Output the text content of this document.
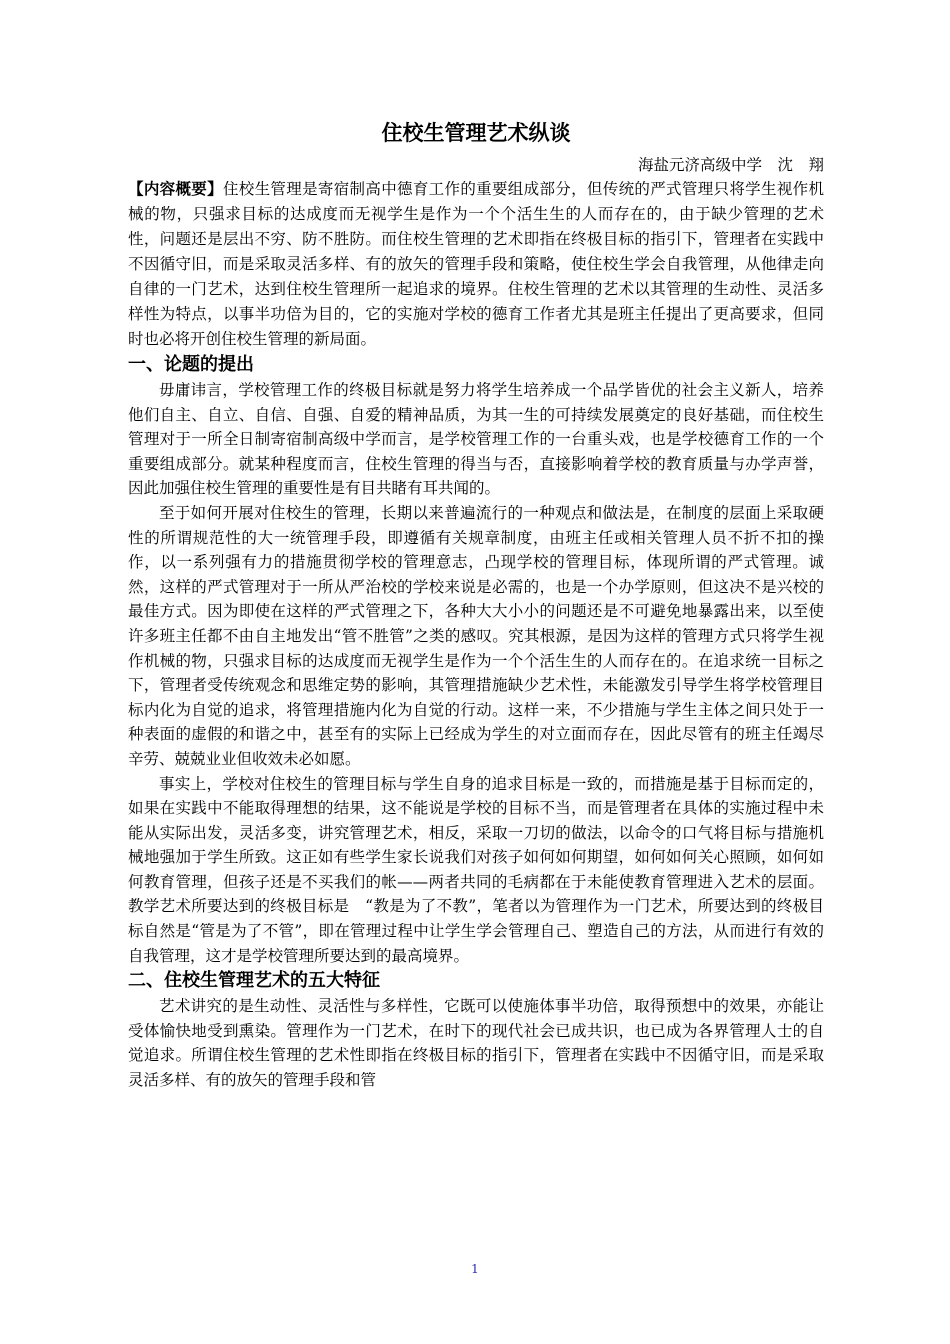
住校生管理艺术纵谈

海盐元济高级中学　沈　翔

【内容概要】住校生管理是寄宿制高中德育工作的重要组成部分，但传统的严式管理只将学生视作机械的物，只强求目标的达成度而无视学生是作为一个个活生生的人而存在的，由于缺少管理的艺术性，问题还是层出不穷、防不胜防。而住校生管理的艺术即指在终极目标的指引下，管理者在实践中不因循守旧，而是采取灵活多样、有的放矢的管理手段和策略，使住校生学会自我管理，从他律走向自律的一门艺术，达到住校生管理所一起追求的境界。住校生管理的艺术以其管理的生动性、灵活多样性为特点，以事半功倍为目的，它的实施对学校的德育工作者尤其是班主任提出了更高要求，但同时也必将开创住校生管理的新局面。

一、论题的提出

毋庸讳言，学校管理工作的终极目标就是努力将学生培养成一个品学皆优的社会主义新人，培养他们自主、自立、自信、自强、自爱的精神品质，为其一生的可持续发展奠定的良好基础，而住校生管理对于一所全日制寄宿制高级中学而言，是学校管理工作的一台重头戏，也是学校德育工作的一个重要组成部分。就某种程度而言，住校生管理的得当与否，直接影响着学校的教育质量与办学声誉，因此加强住校生管理的重要性是有目共睹有耳共闻的。

至于如何开展对住校生的管理，长期以来普遍流行的一种观点和做法是，在制度的层面上采取硬性的所谓规范性的大一统管理手段，即遵循有关规章制度，由班主任或相关管理人员不折不扣的操作，以一系列强有力的措施贯彻学校的管理意志，凸现学校的管理目标，体现所谓的严式管理。诚然，这样的严式管理对于一所从严治校的学校来说是必需的，也是一个办学原则，但这决不是兴校的最佳方式。因为即使在这样的严式管理之下，各种大大小小的问题还是不可避免地暴露出来，以至使许多班主任都不由自主地发出“管不胜管”之类的感叹。究其根源，是因为这样的管理方式只将学生视作机械的物，只强求目标的达成度而无视学生是作为一个个活生生的人而存在的。在追求统一目标之下，管理者受传统观念和思维定势的影响，其管理措施缺少艺术性，未能激发引导学生将学校管理目标内化为自觉的追求，将管理措施内化为自觉的行动。这样一来，不少措施与学生主体之间只处于一种表面的虚假的和谐之中，甚至有的实际上已经成为学生的对立面而存在，因此尽管有的班主任竭尽辛劳、兢兢业业但收效未必如愿。

事实上，学校对住校生的管理目标与学生自身的追求目标是一致的，而措施是基于目标而定的，如果在实践中不能取得理想的结果，这不能说是学校的目标不当，而是管理者在具体的实施过程中未能从实际出发，灵活多变，讲究管理艺术，相反，采取一刀切的做法，以命令的口气将目标与措施机械地强加于学生所致。这正如有些学生家长说我们对孩子如何如何期望，如何如何关心照顾，如何如何教育管理，但孩子还是不买我们的帐——两者共同的毛病都在于未能使教育管理进入艺术的层面。教学艺术所要达到的终极目标是　“教是为了不教”，笔者以为管理作为一门艺术，所要达到的终极目标自然是“管是为了不管”，即在管理过程中让学生学会管理自己、塑造自己的方法，从而进行有效的自我管理，这才是学校管理所要达到的最高境界。

二、住校生管理艺术的五大特征

艺术讲究的是生动性、灵活性与多样性，它既可以使施体事半功倍，取得预想中的效果，亦能让受体愉快地受到熏染。管理作为一门艺术，在时下的现代社会已成共识，也已成为各界管理人士的自觉追求。所谓住校生管理的艺术性即指在终极目标的指引下，管理者在实践中不因循守旧，而是采取灵活多样、有的放矢的管理手段和管

1
